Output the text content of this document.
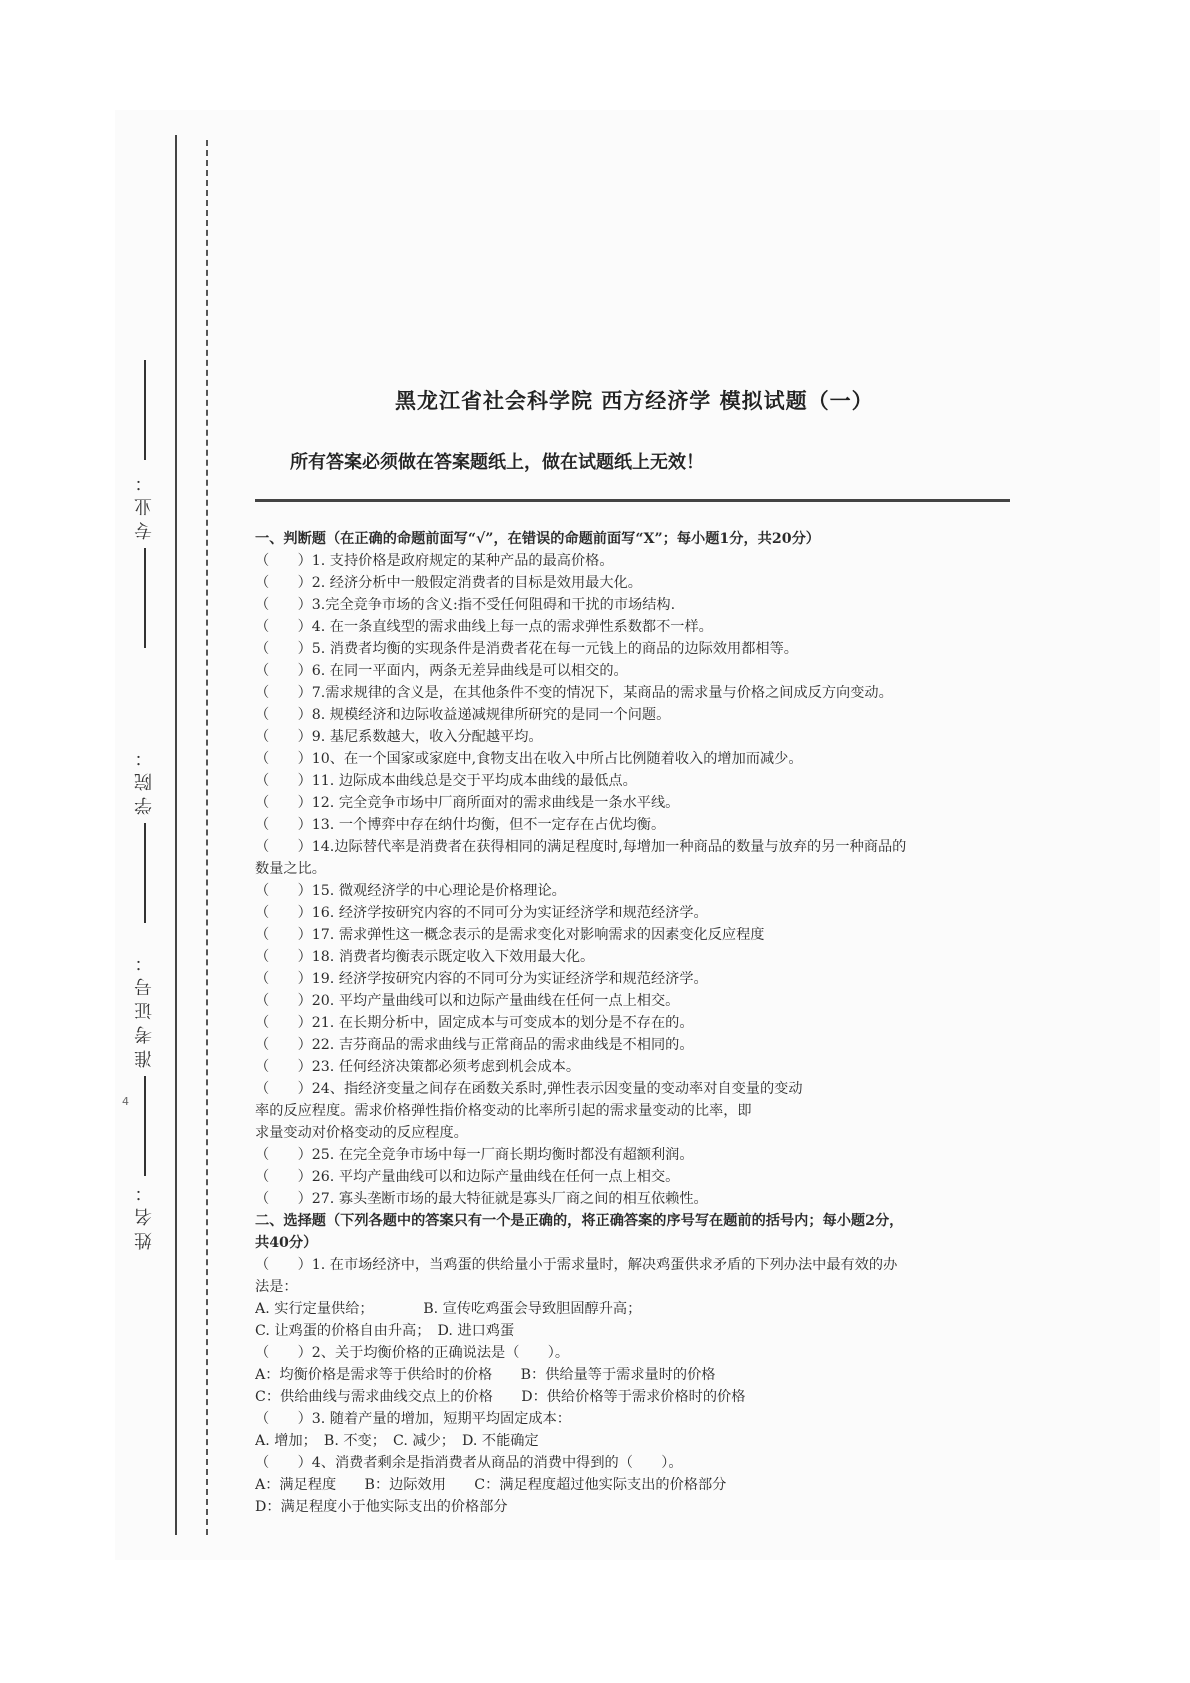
专业：
学院：
准考证号：
姓名：
4
黑龙江省社会科学院 西方经济学 模拟试题（一）
所有答案必须做在答案题纸上，做在试题纸上无效！
一、判断题（在正确的命题前面写“√”，在错误的命题前面写“X”；每小题1分，共20分）
（　　）1. 支持价格是政府规定的某种产品的最高价格。
（　　）2. 经济分析中一般假定消费者的目标是效用最大化。
（　　）3.完全竞争市场的含义:指不受任何阻碍和干扰的市场结构.
（　　）4. 在一条直线型的需求曲线上每一点的需求弹性系数都不一样。
（　　）5. 消费者均衡的实现条件是消费者花在每一元钱上的商品的边际效用都相等。
（　　）6. 在同一平面内，两条无差异曲线是可以相交的。
（　　）7.需求规律的含义是，在其他条件不变的情况下，某商品的需求量与价格之间成反方向变动。
（　　）8. 规模经济和边际收益递减规律所研究的是同一个问题。
（　　）9. 基尼系数越大，收入分配越平均。
（　　）10、在一个国家或家庭中,食物支出在收入中所占比例随着收入的增加而减少。
（　　）11. 边际成本曲线总是交于平均成本曲线的最低点。
（　　）12. 完全竞争市场中厂商所面对的需求曲线是一条水平线。
（　　）13. 一个博弈中存在纳什均衡，但不一定存在占优均衡。
（　　）14.边际替代率是消费者在获得相同的满足程度时,每增加一种商品的数量与放弃的另一种商品的
数量之比。
（　　）15. 微观经济学的中心理论是价格理论。
（　　）16. 经济学按研究内容的不同可分为实证经济学和规范经济学。
（　　）17. 需求弹性这一概念表示的是需求变化对影响需求的因素变化反应程度
（　　）18. 消费者均衡表示既定收入下效用最大化。
（　　）19. 经济学按研究内容的不同可分为实证经济学和规范经济学。
（　　）20. 平均产量曲线可以和边际产量曲线在任何一点上相交。
（　　）21. 在长期分析中，固定成本与可变成本的划分是不存在的。
（　　）22. 吉芬商品的需求曲线与正常商品的需求曲线是不相同的。
（　　）23. 任何经济决策都必须考虑到机会成本。
（　　）24、指经济变量之间存在函数关系时,弹性表示因变量的变动率对自变量的变动
率的反应程度。需求价格弹性指价格变动的比率所引起的需求量变动的比率，即
求量变动对价格变动的反应程度。
（　　）25. 在完全竞争市场中每一厂商长期均衡时都没有超额利润。
（　　）26. 平均产量曲线可以和边际产量曲线在任何一点上相交。
（　　）27. 寡头垄断市场的最大特征就是寡头厂商之间的相互依赖性。
二、选择题（下列各题中的答案只有一个是正确的，将正确答案的序号写在题前的括号内；每小题2分，
共40分）
（　　）1. 在市场经济中，当鸡蛋的供给量小于需求量时，解决鸡蛋供求矛盾的下列办法中最有效的办
法是：
A. 实行定量供给；　　　　B. 宣传吃鸡蛋会导致胆固醇升高；
C. 让鸡蛋的价格自由升高；　D. 进口鸡蛋
（　　）2、关于均衡价格的正确说法是（　　）。
A：均衡价格是需求等于供给时的价格　　B：供给量等于需求量时的价格
C：供给曲线与需求曲线交点上的价格　　D：供给价格等于需求价格时的价格
（　　）3. 随着产量的增加，短期平均固定成本：
A. 增加；　B. 不变；　C. 减少；　D. 不能确定
（　　）4、消费者剩余是指消费者从商品的消费中得到的（　　）。
A：满足程度　　B：边际效用　　C：满足程度超过他实际支出的价格部分
D：满足程度小于他实际支出的价格部分
